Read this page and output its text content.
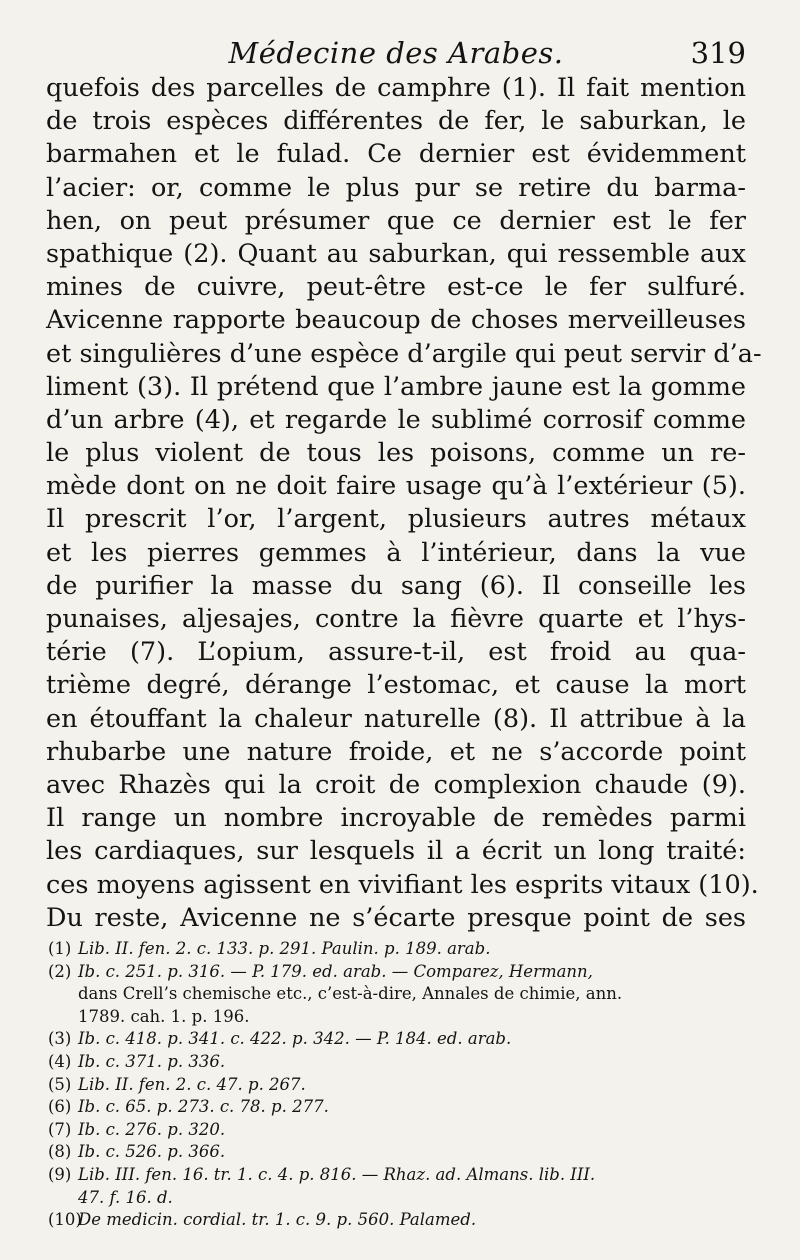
Médecine des Arabes.	319
quefois des parcelles de camphre (1). Il fait mention
de trois espèces différentes de fer, le saburkan, le
barmahen et le fulad. Ce dernier est évidemment
l’acier: or, comme le plus pur se retire du barma-
hen, on peut présumer que ce dernier est le fer
spathique (2). Quant au saburkan, qui ressemble aux
mines de cuivre, peut-être est-ce le fer sulfuré.
Avicenne rapporte beaucoup de choses merveilleuses
et singulières d’une espèce d’argile qui peut servir d’a-
liment (3). Il prétend que l’ambre jaune est la gomme
d’un arbre (4), et regarde le sublimé corrosif comme
le plus violent de tous les poisons, comme un re-
mède dont on ne doit faire usage qu’à l’extérieur (5).
Il prescrit l’or, l’argent, plusieurs autres métaux
et les pierres gemmes à l’intérieur, dans la vue
de purifier la masse du sang (6). Il conseille les
punaises, aljesajes, contre la fièvre quarte et l’hys-
térie (7). L’opium, assure-t-il, est froid au qua-
trième degré, dérange l’estomac, et cause la mort
en étouffant la chaleur naturelle (8). Il attribue à la
rhubarbe une nature froide, et ne s’accorde point
avec Rhazès qui la croit de complexion chaude (9).
Il range un nombre incroyable de remèdes parmi
les cardiaques, sur lesquels il a écrit un long traité:
ces moyens agissent en vivifiant les esprits vitaux (10).
Du reste, Avicenne ne s’écarte presque point de ses
(1) Lib. II. fen. 2. c. 133. p. 291. Paulin. p. 189. arab.
(2) Ib. c. 251. p. 316. — P. 179. ed. arab. — Comparez, Hermann,
dans Crell’s chemische etc., c’est-à-dire, Annales de chimie, ann.
1789. cah. 1. p. 196.
(3) Ib. c. 418. p. 341. c. 422. p. 342. — P. 184. ed. arab.
(4) Ib. c. 371. p. 336.
(5) Lib. II. fen. 2. c. 47. p. 267.
(6) Ib. c. 65. p. 273. c. 78. p. 277.
(7) Ib. c. 276. p. 320.
(8) Ib. c. 526. p. 366.
(9) Lib. III. fen. 16. tr. 1. c. 4. p. 816. — Rhaz. ad. Almans. lib. III.
47. f. 16. d.
(10)De medicin. cordial. tr. 1. c. 9. p. 560. Palamed.
